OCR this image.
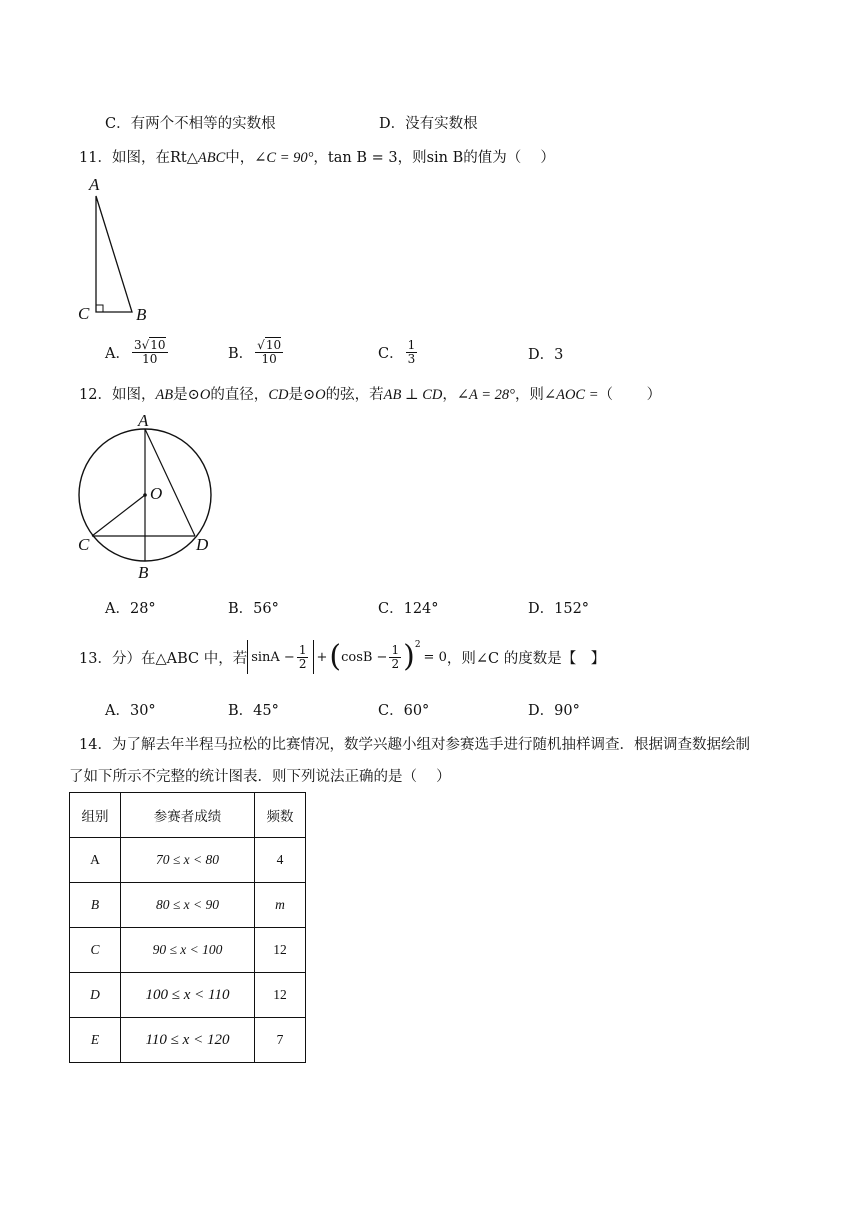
C．有两个不相等的实数根	D．没有实数根
11．如图，在Rt△ABC中，∠C = 90°，tan B = 3，则sin B的值为（　 ）
A
C	B
A． $\frac{3√10}{10}$	B． $\frac{√10}{10}$	C． $\frac{1}{3}$	D．3
12．如图，AB是⊙O的直径，CD是⊙O的弦，若AB ⊥ CD，∠A = 28°，则∠AOC =（　　 ）
A
O
C	D
B
A．28°	B．56°	C．124°	D．152°
13．分）在△ABC 中，若 $\sin A - \frac{1}{2}$ + ( $\cos B - \frac{1}{2} )^2$
= 0 ，则∠C 的度数是【　】
A．30°	B．45°	C．60°	D．90°
14．为了解去年半程马拉松的比赛情况，数学兴趣小组对参赛选手进行随机抽样调查．根据调查数据绘制
了如下所示不完整的统计图表．则下列说法正确的是（　 ）
组别	参赛者成绩	频数
A	70 ≤ x < 80	4
B	80 ≤ x < 90	m
C	90 ≤ x < 100	12
D	100 ≤ x < 110	12
E	110 ≤ x < 120	7
